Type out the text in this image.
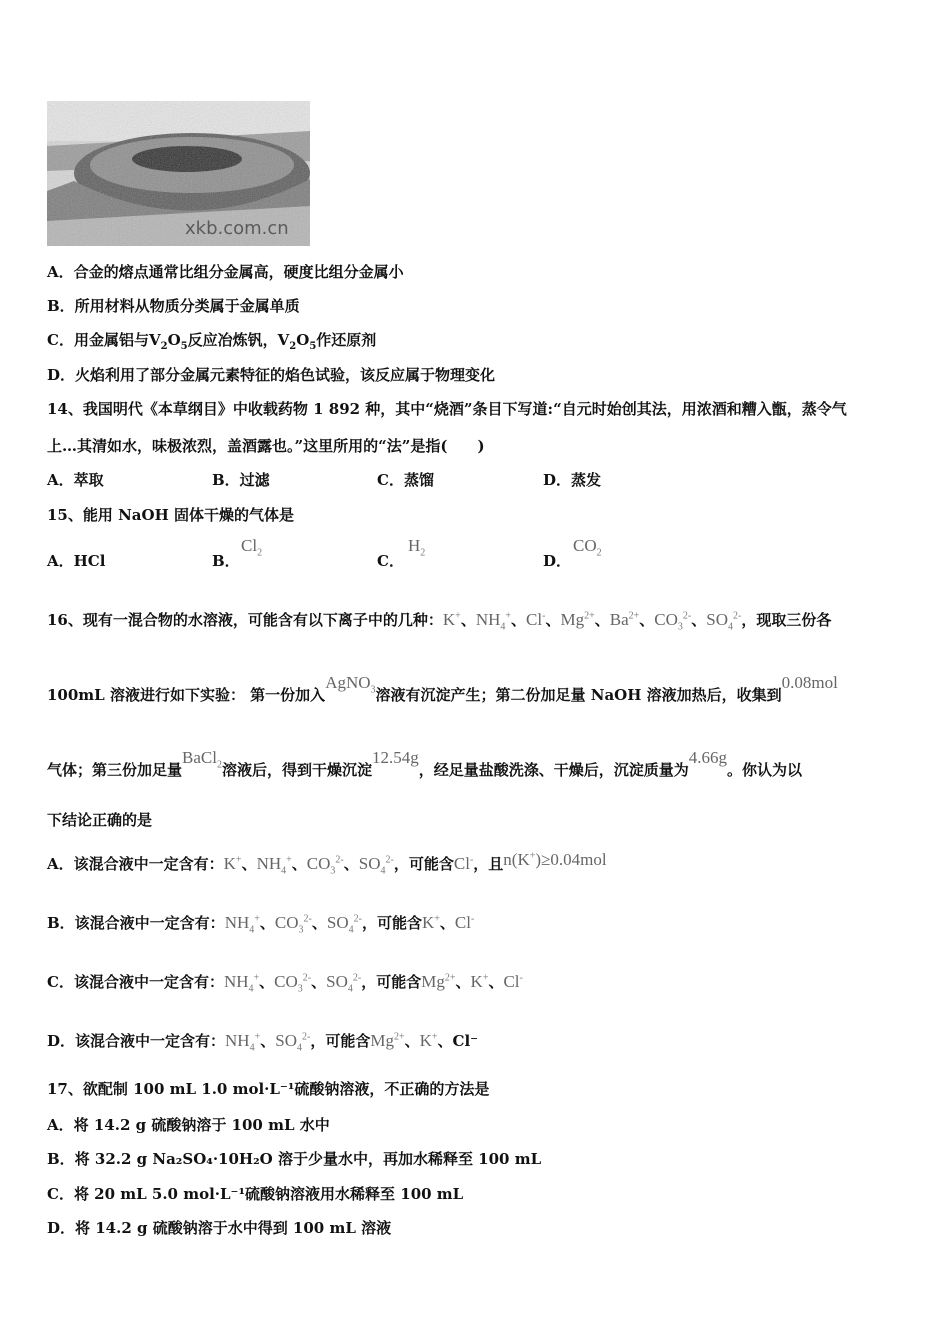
xkb.com.cn
A．合金的熔点通常比组分金属高，硬度比组分金属小
B．所用材料从物质分类属于金属单质
C．用金属铝与$V_2O_5$反应冶炼钒，$V_2O_5$作还原剂
D．火焰利用了部分金属元素特征的焰色试验，该反应属于物理变化
14、我国明代《本草纲目》中收载药物 1 892 种，其中“烧酒”条目下写道:“自元时始创其法，用浓酒和糟入甑，蒸令气
上…其清如水，味极浓烈，盖酒露也。”这里所用的“法”是指(　　)
A．萃取	B．过滤	C．蒸馏	D．蒸发
15、能用 NaOH 固体干燥的气体是
A．HCl	B．
$Cl_2$	C．
$H_2$	D．
$CO_2$
16、现有一混合物的水溶液，可能含有以下离子中的几种：K+、$NH_4^+$、Cl-、$Mg^{2+}$、$Ba^{2+}$、$CO_3^{2-}$、$SO_4^{2-}$，现取三份各
100mL 溶液进行如下实验： 第一份加入AgNO$_3$溶液有沉淀产生；第二份加足量 NaOH 溶液加热后，收集到0.08mol
气体；第三份加足量BaCl$_2$溶液后，得到干燥沉淀12.54g，经足量盐酸洗涤、干燥后，沉淀质量为4.66g。你认为以
下结论正确的是
A．该混合液中一定含有：K+、$NH_4^+$、$CO_3^{2-}$、$SO_4^{2-}$，可能含Cl-，且n(K+)≥0.04mol
B．该混合液中一定含有：$NH_4^+$、$CO_3^{2-}$、$SO_4^{2-}$，可能含K+、Cl-
C．该混合液中一定含有：$NH_4^+$、$CO_3^{2-}$、$SO_4^{2-}$，可能含$Mg^{2+}$、K+、Cl-
D．该混合液中一定含有：$NH_4^+$、$SO_4^{2-}$，可能含$Mg^{2+}$、K+、Cl⁻
17、欲配制 100 mL 1.0 mol·L⁻¹硫酸钠溶液，不正确的方法是
A．将 14.2 g 硫酸钠溶于 100 mL 水中
B．将 32.2 g Na₂SO₄·10H₂O 溶于少量水中，再加水稀释至 100 mL
C．将 20 mL 5.0 mol·L⁻¹硫酸钠溶液用水稀释至 100 mL
D．将 14.2 g 硫酸钠溶于水中得到 100 mL 溶液
